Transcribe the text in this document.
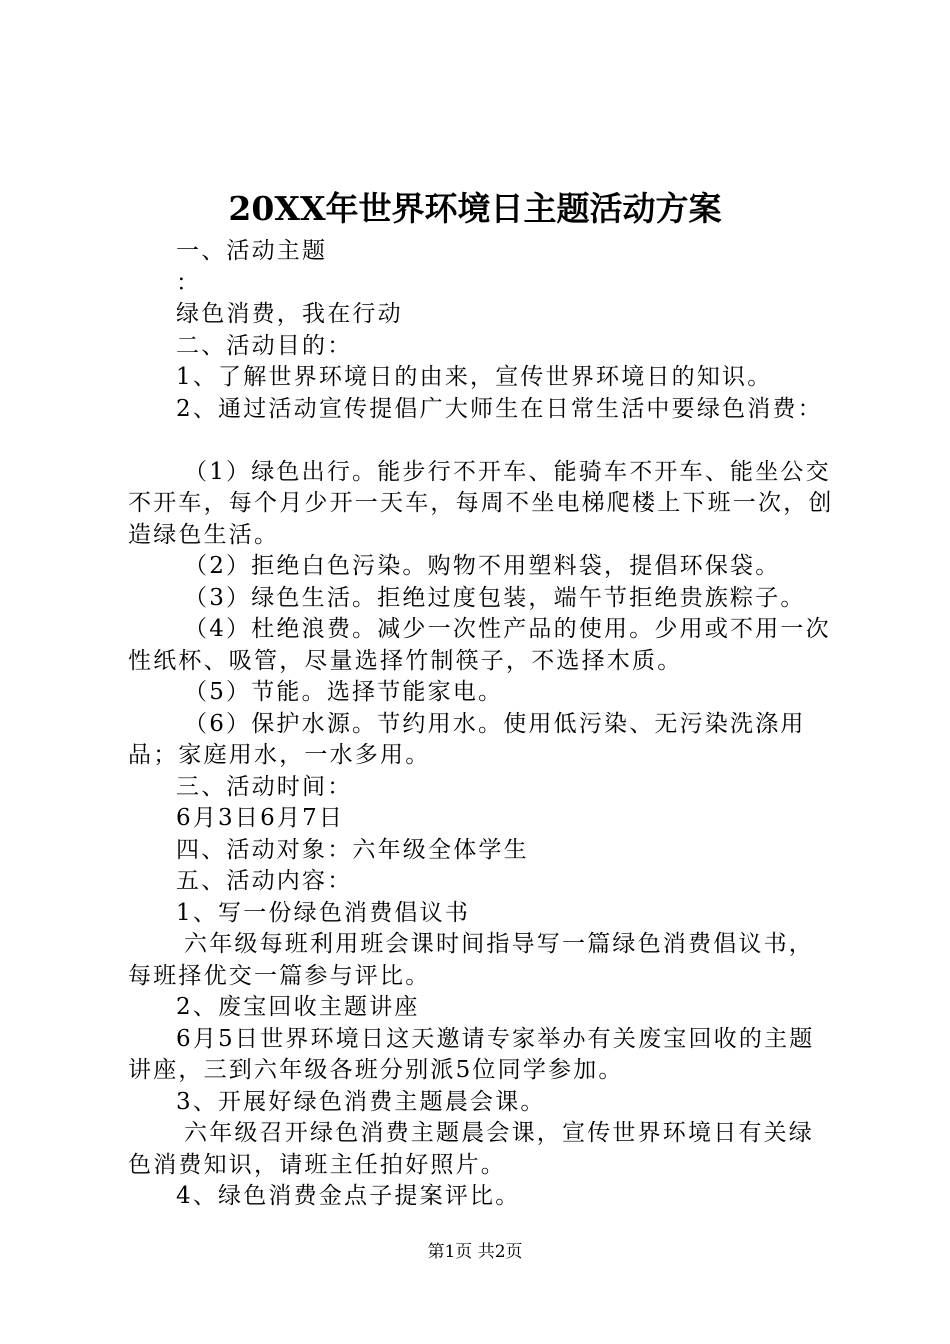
20XX年世界环境日主题活动方案

一、活动主题

：

绿色消费，我在行动

二、活动目的：

1、了解世界环境日的由来，宣传世界环境日的知识。

2、通过活动宣传提倡广大师生在日常生活中要绿色消费：

（1）绿色出行。能步行不开车、能骑车不开车、能坐公交不开车，每个月少开一天车，每周不坐电梯爬楼上下班一次，创造绿色生活。

（2）拒绝白色污染。购物不用塑料袋，提倡环保袋。

（3）绿色生活。拒绝过度包装，端午节拒绝贵族粽子。

（4）杜绝浪费。减少一次性产品的使用。少用或不用一次性纸杯、吸管，尽量选择竹制筷子，不选择木质。

（5）节能。选择节能家电。

（6）保护水源。节约用水。使用低污染、无污染洗涤用品；家庭用水，一水多用。

三、活动时间：

6月3日6月7日

四、活动对象：六年级全体学生

五、活动内容：

1、写一份绿色消费倡议书

六年级每班利用班会课时间指导写一篇绿色消费倡议书，每班择优交一篇参与评比。

2、废宝回收主题讲座

6月5日世界环境日这天邀请专家举办有关废宝回收的主题讲座，三到六年级各班分别派5位同学参加。

3、开展好绿色消费主题晨会课。

六年级召开绿色消费主题晨会课，宣传世界环境日有关绿色消费知识，请班主任拍好照片。

4、绿色消费金点子提案评比。

第1页 共2页
